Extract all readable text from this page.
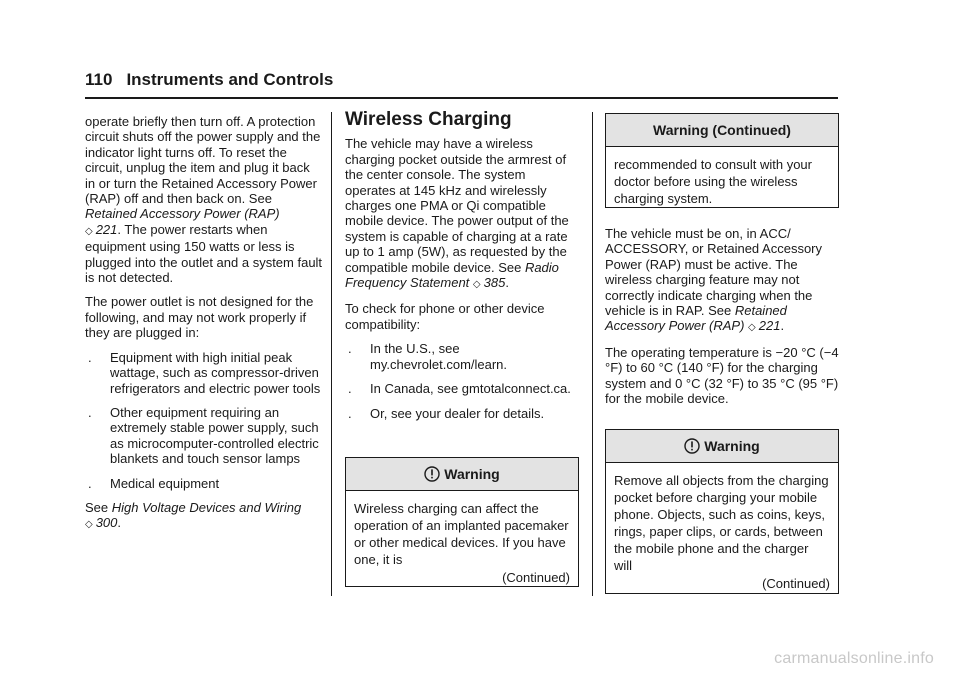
110 Instruments and Controls

operate briefly then turn off. A protection circuit shuts off the power supply and the indicator light turns off. To reset the circuit, unplug the item and plug it back in or turn the Retained Accessory Power (RAP) off and then back on. See Retained Accessory Power (RAP)
◇ 221. The power restarts when equipment using 150 watts or less is plugged into the outlet and a system fault is not detected.

The power outlet is not designed for the following, and may not work properly if they are plugged in:

.	Equipment with high initial peak wattage, such as compressor-driven refrigerators and electric power tools
.	Other equipment requiring an extremely stable power supply, such as microcomputer-controlled electric blankets and touch sensor lamps
.	Medical equipment

See High Voltage Devices and Wiring ◇ 300.

Wireless Charging

The vehicle may have a wireless charging pocket outside the armrest of the center console. The system operates at 145 kHz and wirelessly charges one PMA or Qi compatible mobile device. The power output of the system is capable of charging at a rate up to 1 amp (5W), as requested by the compatible mobile device. See Radio Frequency Statement ◇ 385.

To check for phone or other device compatibility:

.	In the U.S., see my.chevrolet.com/learn.
.	In Canada, see gmtotalconnect.ca.
.	Or, see your dealer for details.
Warning
Wireless charging can affect the operation of an implanted pacemaker or other medical devices. If you have one, it is
(Continued)
Warning (Continued)
recommended to consult with your doctor before using the wireless charging system.

The vehicle must be on, in ACC/ ACCESSORY, or Retained Accessory Power (RAP) must be active. The wireless charging feature may not correctly indicate charging when the vehicle is in RAP. See Retained Accessory Power (RAP) ◇ 221.

The operating temperature is −20 °C (−4 °F) to 60 °C (140 °F) for the charging system and 0 °C (32 °F) to 35 °C (95 °F) for the mobile device.

Warning
Remove all objects from the charging pocket before charging your mobile phone. Objects, such as coins, keys, rings, paper clips, or cards, between the mobile phone and the charger will
(Continued)
carmanualsonline.info
